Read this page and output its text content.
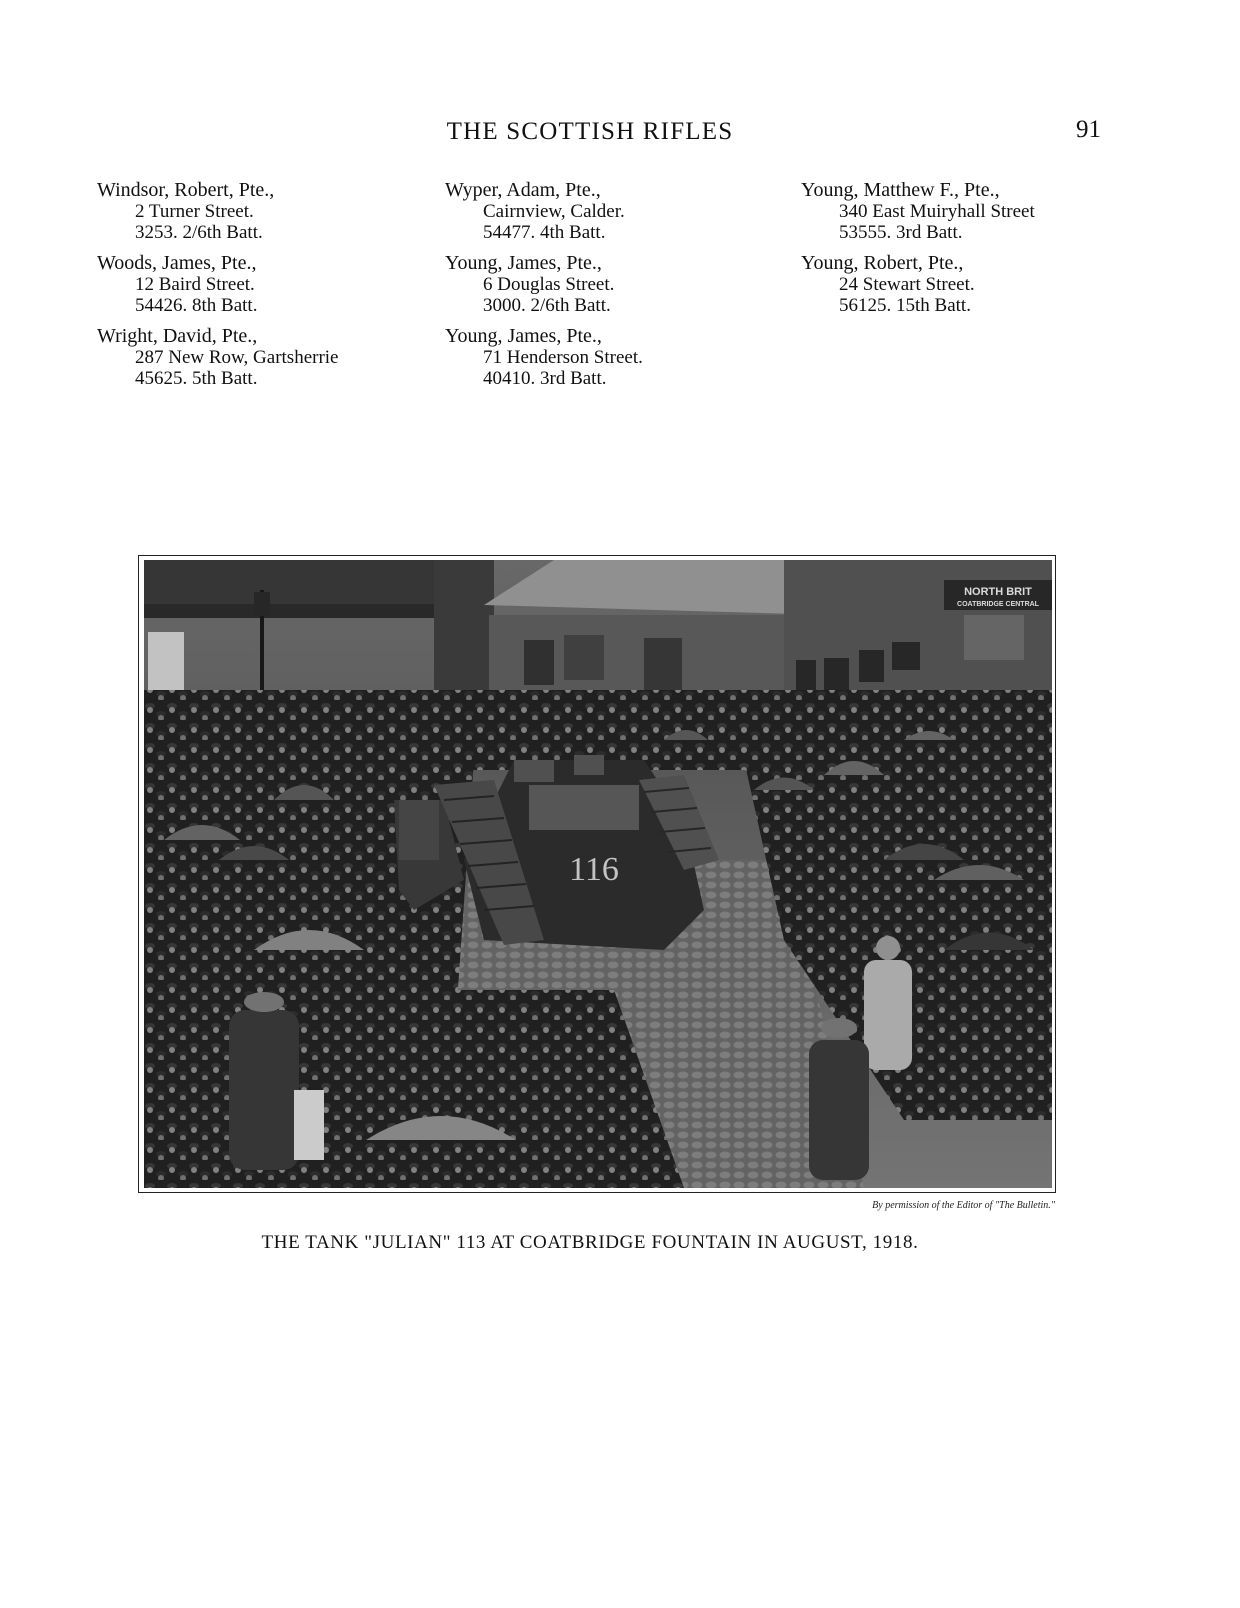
THE SCOTTISH RIFLES	91
Windsor, Robert, Pte.,
2 Turner Street.
3253. 2/6th Batt.
Woods, James, Pte.,
12 Baird Street.
54426. 8th Batt.
Wright, David, Pte.,
287 New Row, Gartsherrie
45625. 5th Batt.
Wyper, Adam, Pte.,
Cairnview, Calder.
54477. 4th Batt.
Young, James, Pte.,
6 Douglas Street.
3000. 2/6th Batt.
Young, James, Pte.,
71 Henderson Street.
40410. 3rd Batt.
Young, Matthew F., Pte.,
340 East Muiryhall Street
53555. 3rd Batt.
Young, Robert, Pte.,
24 Stewart Street.
56125. 15th Batt.
NORTH BRIT
COATBRIDGE CENTRAL
116
By permission of the Editor of "The Bulletin."

THE TANK "JULIAN" 113 AT COATBRIDGE FOUNTAIN IN AUGUST, 1918.
